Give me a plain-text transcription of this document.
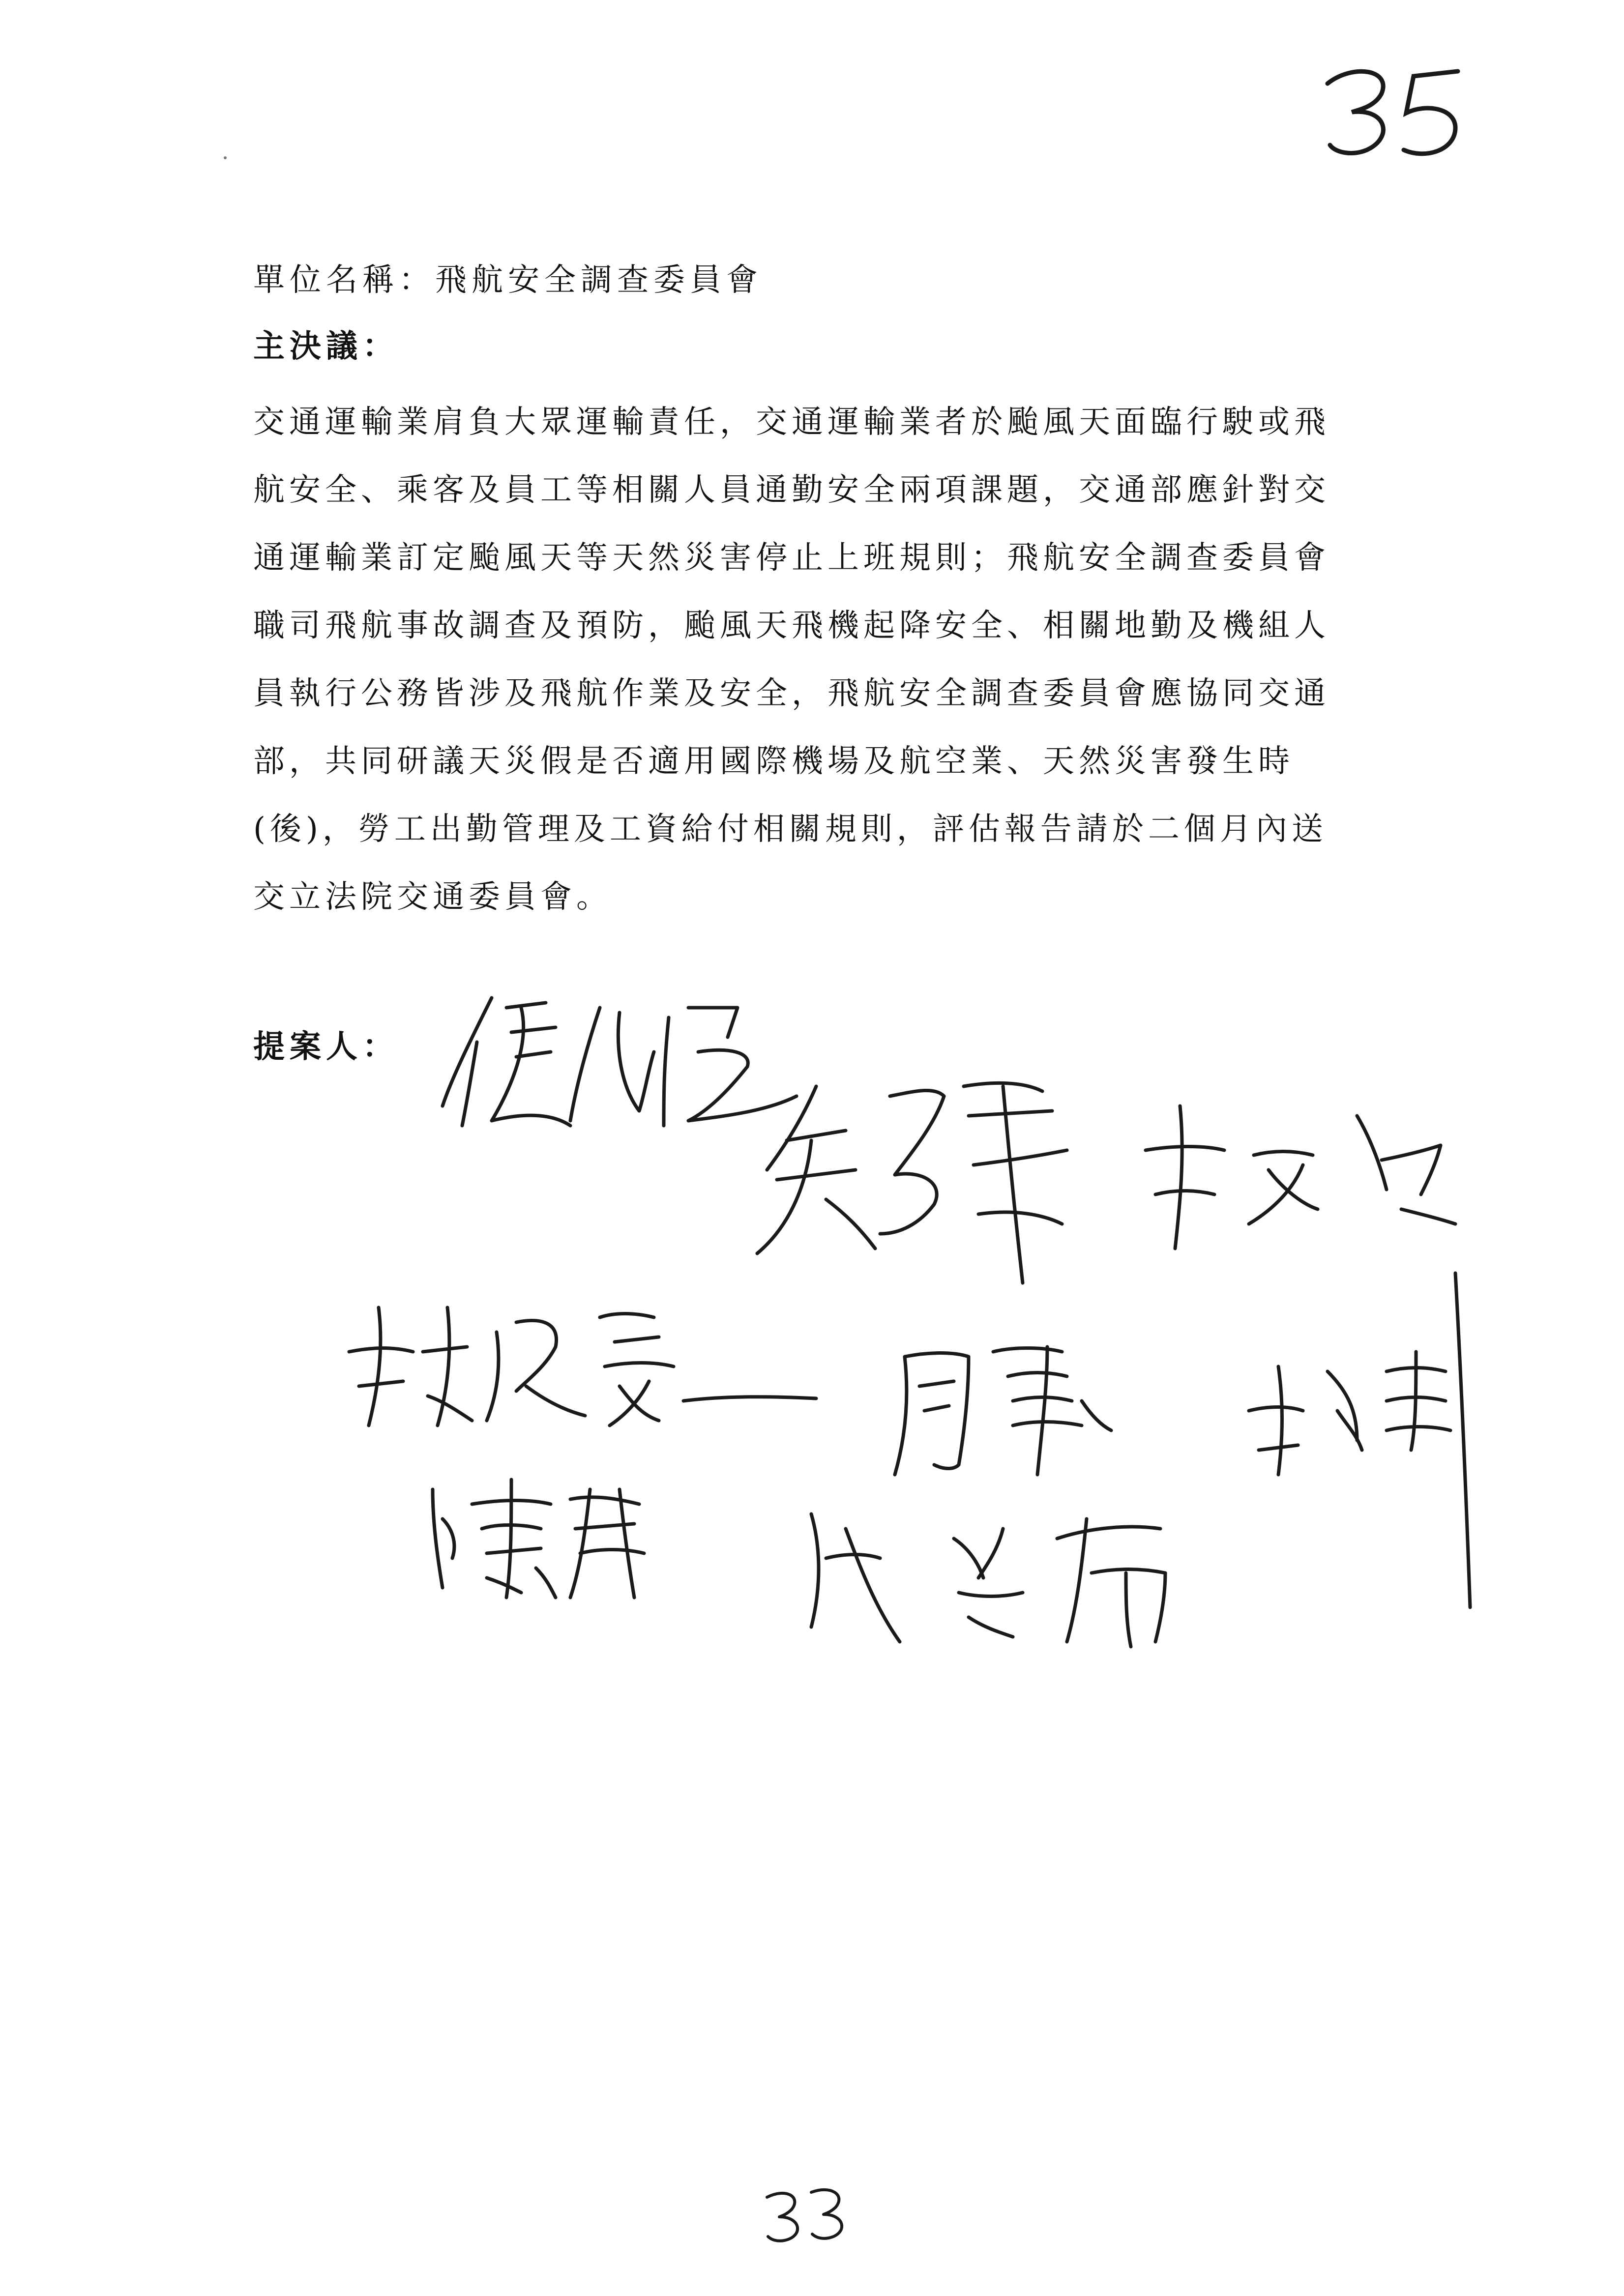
單位名稱：飛航安全調查委員會
主決議：
交通運輸業肩負大眾運輸責任，交通運輸業者於颱風天面臨行駛或飛
航安全、乘客及員工等相關人員通勤安全兩項課題，交通部應針對交
通運輸業訂定颱風天等天然災害停止上班規則；飛航安全調查委員會
職司飛航事故調查及預防，颱風天飛機起降安全、相關地勤及機組人
員執行公務皆涉及飛航作業及安全，飛航安全調查委員會應協同交通
部，共同研議天災假是否適用國際機場及航空業、天然災害發生時
(後)，勞工出勤管理及工資給付相關規則，評估報告請於二個月內送
交立法院交通委員會。
提案人：
